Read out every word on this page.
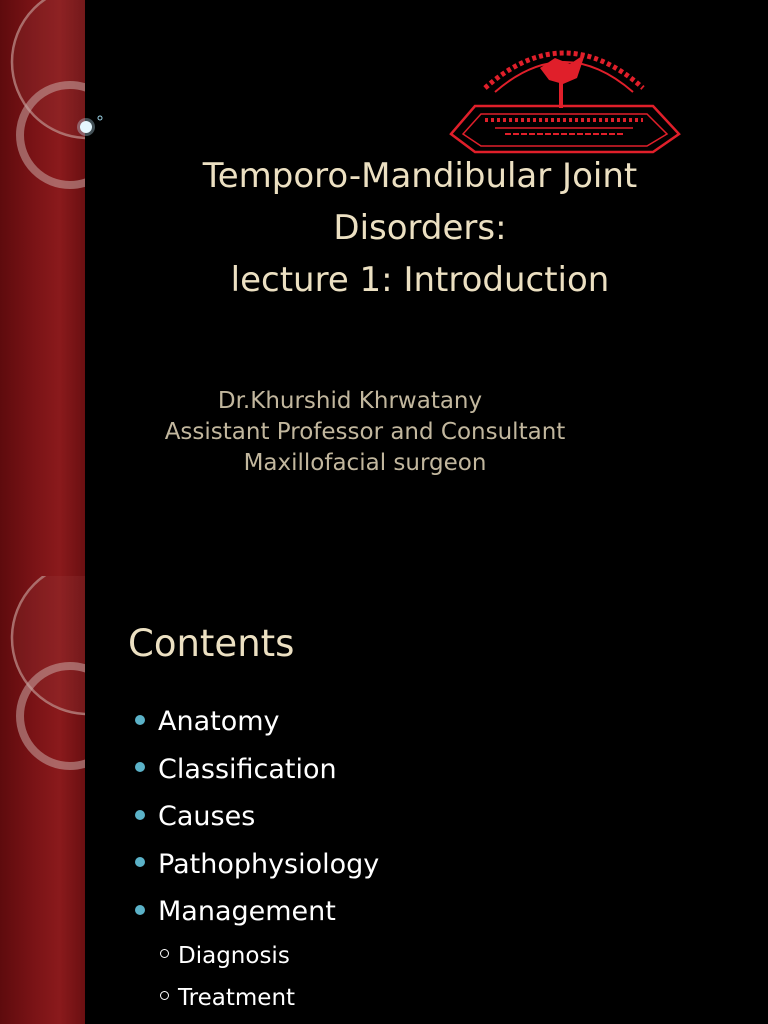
Temporo-Mandibular Joint
Disorders:
lecture 1: Introduction
Dr.Khurshid Khrwatany
Assistant Professor and Consultant
Maxillofacial surgeon
Contents
Anatomy
Classification
Causes
Pathophysiology
Management
Diagnosis
Treatment
